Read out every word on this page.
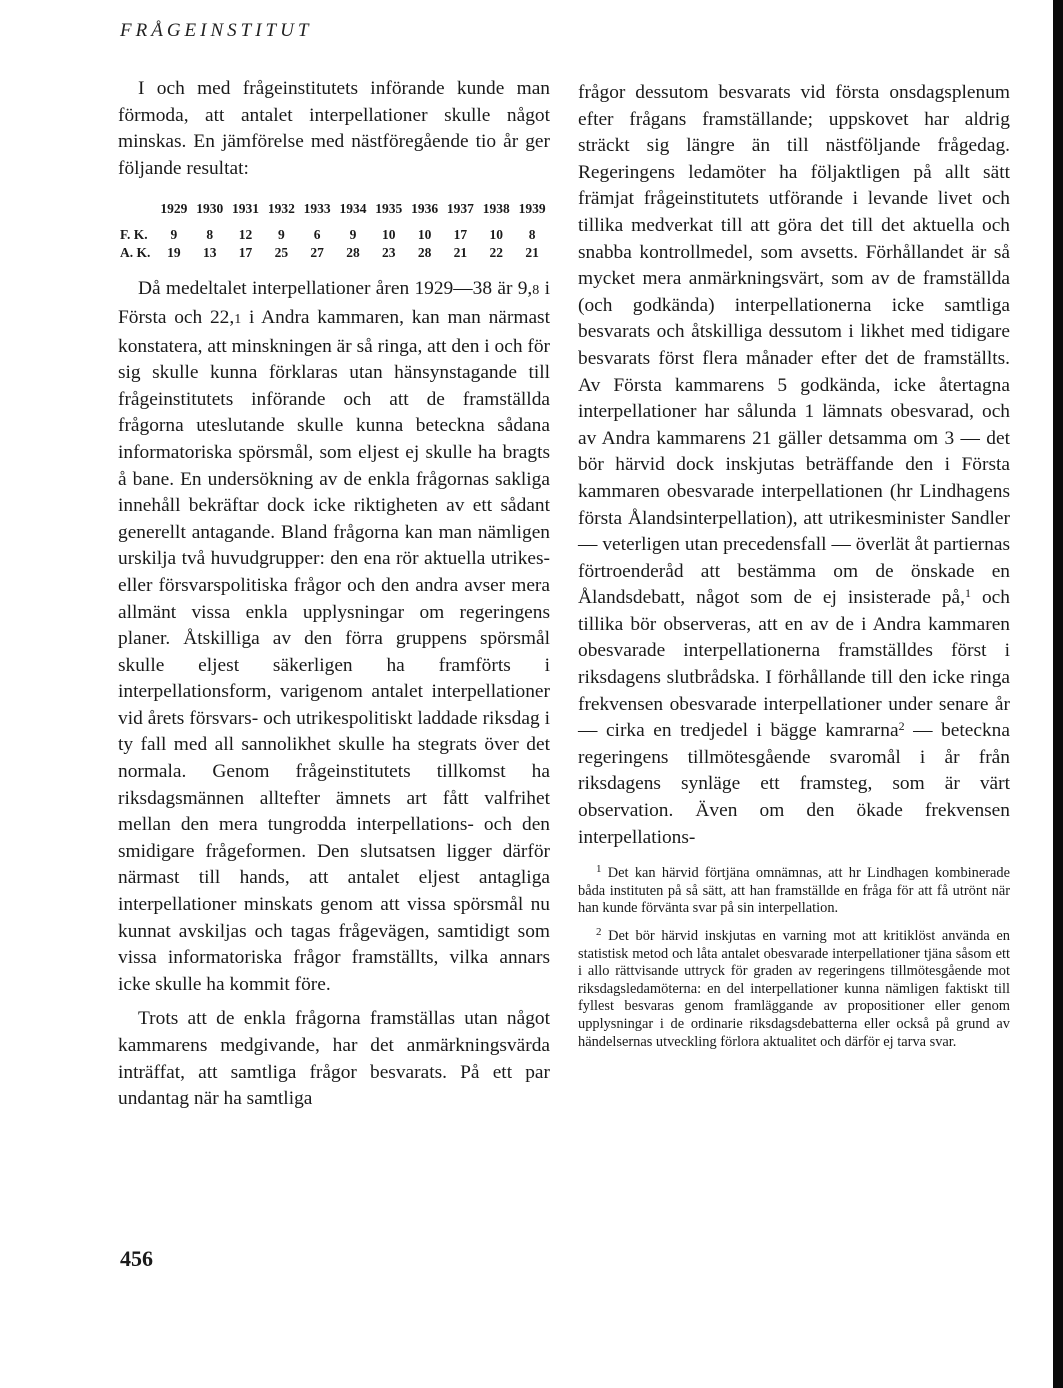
FRÅGEINSTITUT

I och med frågeinstitutets införande kunde man förmoda, att antalet interpellationer skulle något minskas. En jämförelse med nästföregående tio år ger följande resultat:

	1929	1930	1931	1932	1933	1934	1935	1936	1937	1938	1939
F. K.	9	8	12	9	6	9	10	10	17	10	8
A. K.	19	13	17	25	27	28	23	28	21	22	21

Då medeltalet interpellationer åren 1929—38 är 9,8 i Första och 22,1 i Andra kammaren, kan man närmast konstatera, att minskningen är så ringa, att den i och för sig skulle kunna förklaras utan hänsynstagande till frågeinstitutets införande och att de framställda frågorna uteslutande skulle kunna beteckna sådana informatoriska spörsmål, som eljest ej skulle ha bragts å bane. En undersökning av de enkla frågornas sakliga innehåll bekräftar dock icke riktigheten av ett sådant generellt antagande. Bland frågorna kan man nämligen urskilja två huvudgrupper: den ena rör aktuella utrikes- eller försvarspolitiska frågor och den andra avser mera allmänt vissa enkla upplysningar om regeringens planer. Åtskilliga av den förra gruppens spörsmål skulle eljest säkerligen ha framförts i interpellationsform, varigenom antalet interpellationer vid årets försvars- och utrikespolitiskt laddade riksdag i ty fall med all sannolikhet skulle ha stegrats över det normala. Genom frågeinstitutets tillkomst ha riksdagsmännen alltefter ämnets art fått valfrihet mellan den mera tungrodda interpellations- och den smidigare frågeformen. Den slutsatsen ligger därför närmast till hands, att antalet eljest antagliga interpellationer minskats genom att vissa spörsmål nu kunnat avskiljas och tagas frågevägen, samtidigt som vissa informatoriska frågor framställts, vilka annars icke skulle ha kommit före.

Trots att de enkla frågorna framställas utan något kammarens medgivande, har det anmärkningsvärda inträffat, att samtliga frågor besvarats. På ett par undantag när ha samtliga

frågor dessutom besvarats vid första onsdagsplenum efter frågans framställande; uppskovet har aldrig sträckt sig längre än till nästföljande frågedag. Regeringens ledamöter ha följaktligen på allt sätt främjat frågeinstitutets utförande i levande livet och tillika medverkat till att göra det till det aktuella och snabba kontrollmedel, som avsetts. Förhållandet är så mycket mera anmärkningsvärt, som av de framställda (och godkända) interpellationerna icke samtliga besvarats och åtskilliga dessutom i likhet med tidigare besvarats först flera månader efter det de framställts. Av Första kammarens 5 godkända, icke återtagna interpellationer har sålunda 1 lämnats obesvarad, och av Andra kammarens 21 gäller detsamma om 3 — det bör härvid dock inskjutas beträffande den i Första kammaren obesvarade interpellationen (hr Lindhagens första Ålandsinterpellation), att utrikesminister Sandler — veterligen utan precedensfall — överlät åt partiernas förtroenderåd att bestämma om de önskade en Ålandsdebatt, något som de ej insisterade på,$^1$ och tillika bör observeras, att en av de i Andra kammaren obesvarade interpellationerna framställdes först i riksdagens slutbrådska. I förhållande till den icke ringa frekvensen obesvarade interpellationer under senare år — cirka en tredjedel i bägge kamrarna$^2$ — beteckna regeringens tillmötesgående svaromål i år från riksdagens synläge ett framsteg, som är värt observation. Även om den ökade frekvensen interpellations-

$^1$ Det kan härvid förtjäna omnämnas, att hr Lindhagen kombinerade båda instituten på så sätt, att han framställde en fråga för att få utrönt när han kunde förvänta svar på sin interpellation.

$^2$ Det bör härvid inskjutas en varning mot att kritiklöst använda en statistisk metod och låta antalet obesvarade interpellationer tjäna såsom ett i allo rättvisande uttryck för graden av regeringens tillmötesgående mot riksdagsledamöterna: en del interpellationer kunna nämligen faktiskt till fyllest besvaras genom framläggande av propositioner eller genom upplysningar i de ordinarie riksdagsdebatterna eller också på grund av händelsernas utveckling förlora aktualitet och därför ej tarva svar.

456
